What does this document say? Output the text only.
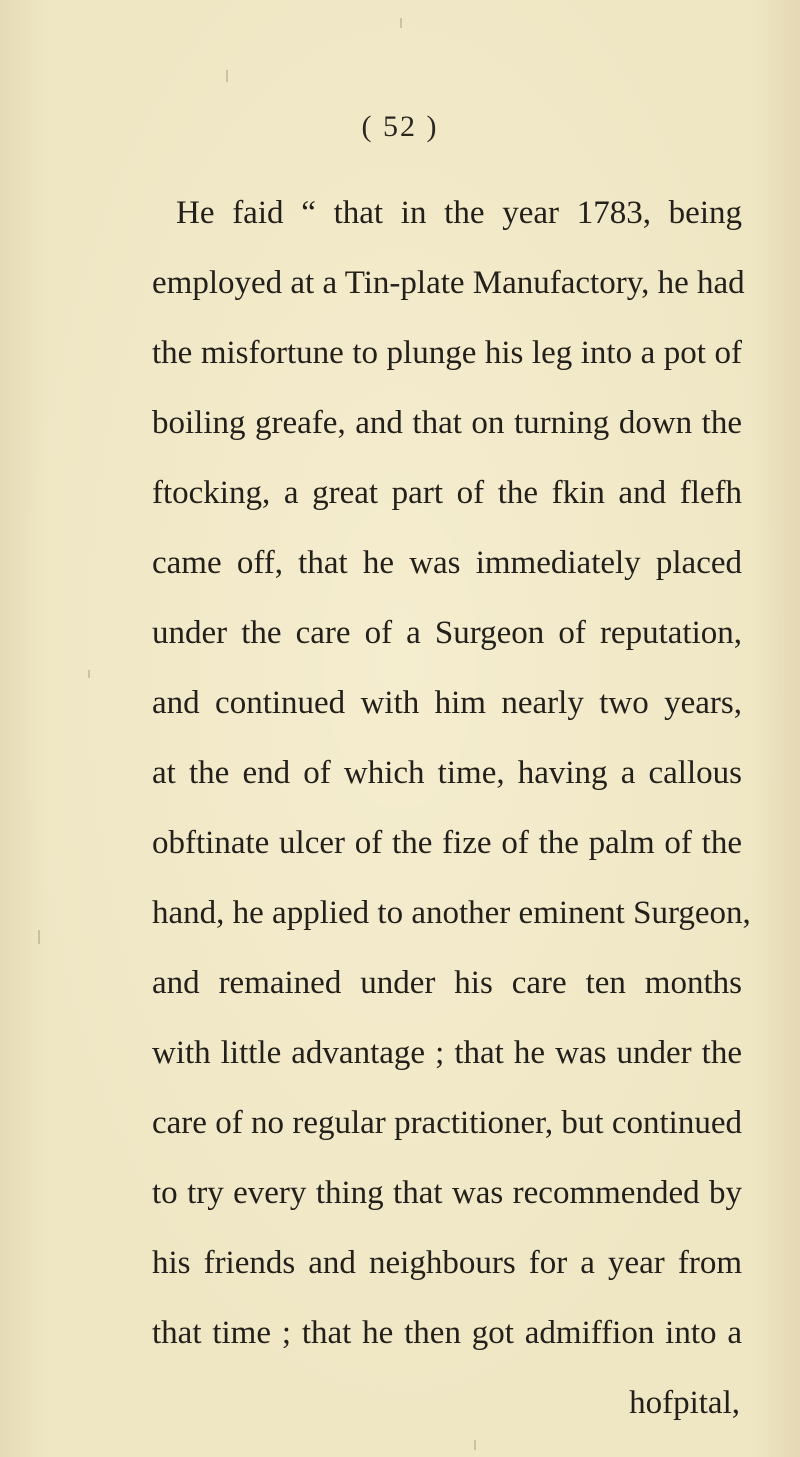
( 52 )
He faid “ that in the year 1783, being
employed at a Tin-plate Manufactory, he had
the misfortune to plunge his leg into a pot of
boiling greafe, and that on turning down the
ftocking, a great part of the fkin and flefh
came off, that he was immediately placed
under the care of a Surgeon of reputation,
and continued with him nearly two years,
at the end of which time, having a callous
obftinate ulcer of the fize of the palm of the
hand, he applied to another eminent Surgeon,
and remained under his care ten months
with little advantage ; that he was under the
care of no regular practitioner, but continued
to try every thing that was recommended by
his friends and neighbours for a year from
that time ; that he then got admiffion into a
hofpital,
